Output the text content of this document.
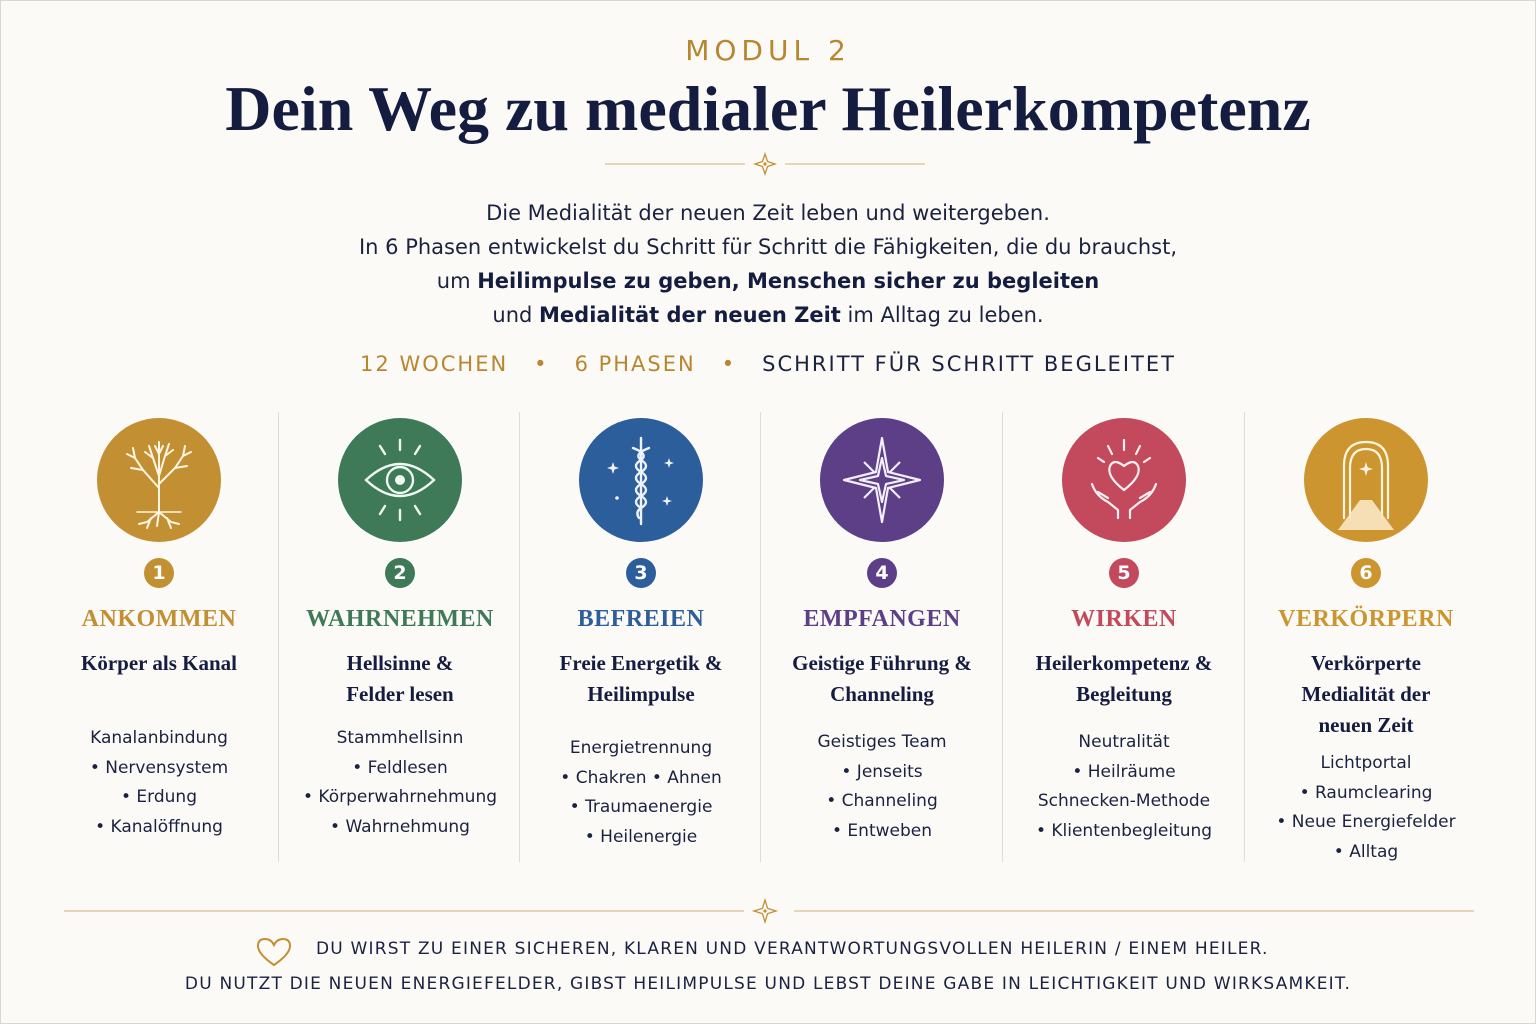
MODUL 2
Dein Weg zu medialer Heilerkompetenz
Die Medialität der neuen Zeit leben und weitergeben.
In 6 Phasen entwickelst du Schritt für Schritt die Fähigkeiten, die du brauchst,
um Heilimpulse zu geben, Menschen sicher zu begleiten
und Medialität der neuen Zeit im Alltag zu leben.
12 WOCHEN • 6 PHASEN • SCHRITT FÜR SCHRITT BEGLEITET
1
ANKOMMEN
Körper als Kanal
Kanalanbindung
• Nervensystem
• Erdung
• Kanalöffnung
2
WAHRNEHMEN
Hellsinne &
Felder lesen
Stammhellsinn
• Feldlesen
• Körperwahrnehmung
• Wahrnehmung
3
BEFREIEN
Freie Energetik &
Heilimpulse
Energietrennung
• Chakren • Ahnen
• Traumaenergie
• Heilenergie
4
EMPFANGEN
Geistige Führung &
Channeling
Geistiges Team
• Jenseits
• Channeling
• Entweben
5
WIRKEN
Heilerkompetenz &
Begleitung
Neutralität
• Heilräume
Schnecken-Methode
• Klientenbegleitung
6
VERKÖRPERN
Verkörperte
Medialität der
neuen Zeit
Lichtportal
• Raumclearing
• Neue Energiefelder
• Alltag
DU WIRST ZU EINER SICHEREN, KLAREN UND VERANTWORTUNGSVOLLEN HEILERIN / EINEM HEILER.
DU NUTZT DIE NEUEN ENERGIEFELDER, GIBST HEILIMPULSE UND LEBST DEINE GABE IN LEICHTIGKEIT UND WIRKSAMKEIT.
